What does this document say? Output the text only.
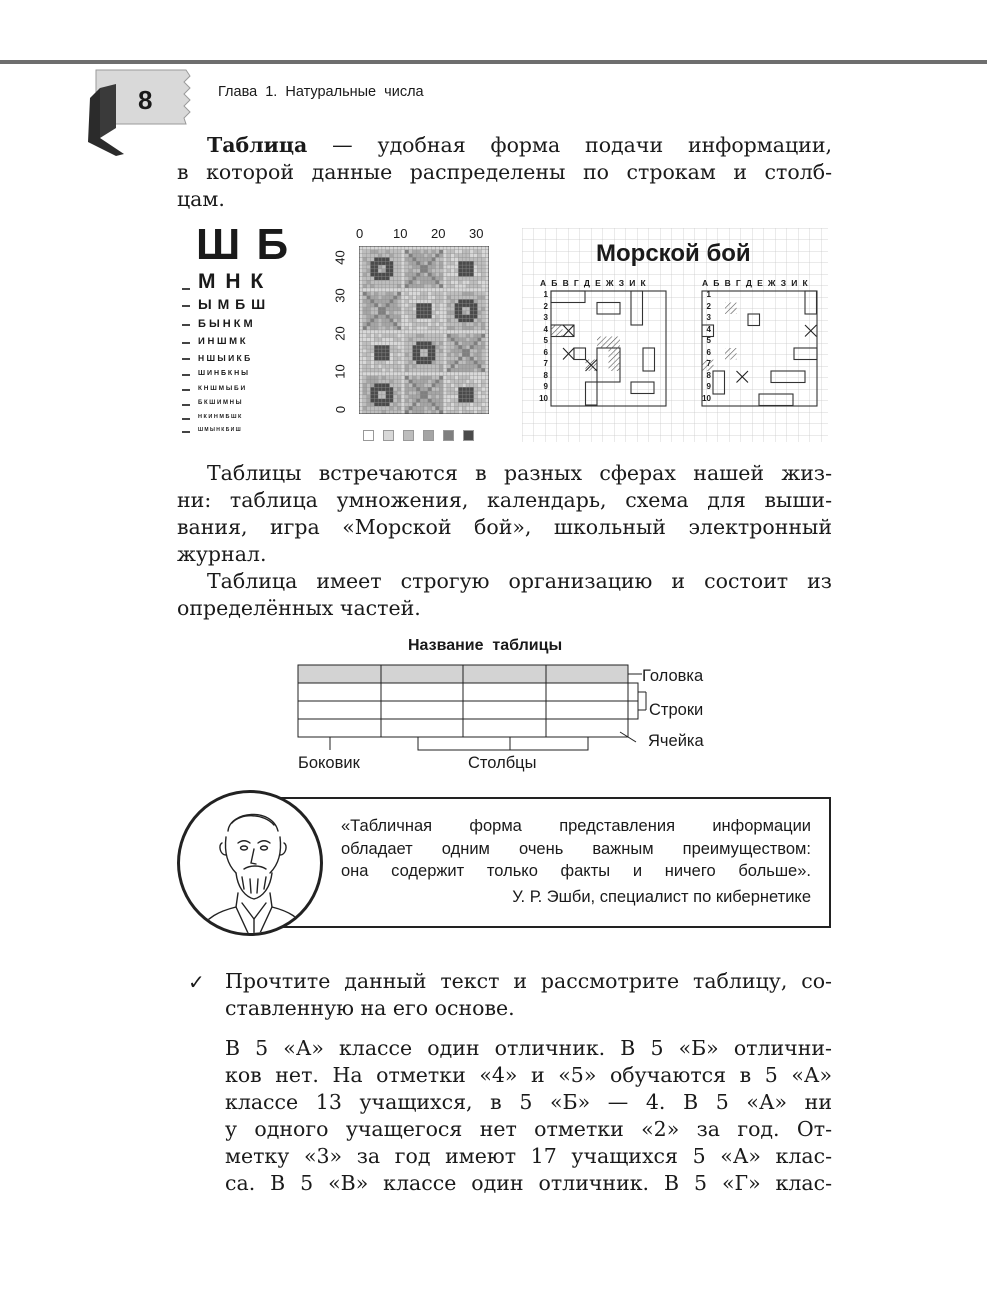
8	Глава  1.  Натуральные  числа
Таблица — удобная форма подачи информации,
в которой данные распределены по строкам и столб-
цам.
Ш Б
М Н К
Ы М Б Ш
Б Ы Н К М
И Н Ш М К
Н Ш Ы И К Б
Ш И Н Б К Н Ы
К Н Ш М Ы Б И
Б К Ш И М Н Ы
Н К И Н М Б Ш К
Ш М Ы Н К Б И Ш
0 10 20 30
0
10
20
30
40	Морской бой
А Б В Г Д Е Ж З И К	А Б В Г Д Е Ж З И К
1
2
3
4
5
6
7
8
9
10
1
2
3
4
5
6
7
8
9
10
Таблицы встречаются в разных сферах нашей жиз-
ни: таблица умножения, календарь, схема для выши-
вания, игра «Морской бой», школьный электронный
журнал.
Таблица имеет строгую организацию и состоит из
определённых частей.
Название  таблицы
Головка
Строки
Ячейка
Боковик	Столбцы
«Табличная форма представления информации
обладает одним очень важным преимуществом:
она содержит только факты и ничего больше».
У. Р. Эшби, специалист по кибернетике
✓ Прочтите данный текст и рассмотрите таблицу, со-
ставленную на его основе.
В 5 «А» классе один отличник. В 5 «Б» отлични-
ков нет. На отметки «4» и «5» обучаются в 5 «А»
классе 13 учащихся, в 5 «Б» — 4. В 5 «А» ни
у одного учащегося нет отметки «2» за год. От-
метку «3» за год имеют 17 учащихся 5 «А» клас-
са. В 5 «В» классе один отличник. В 5 «Г» клас-
